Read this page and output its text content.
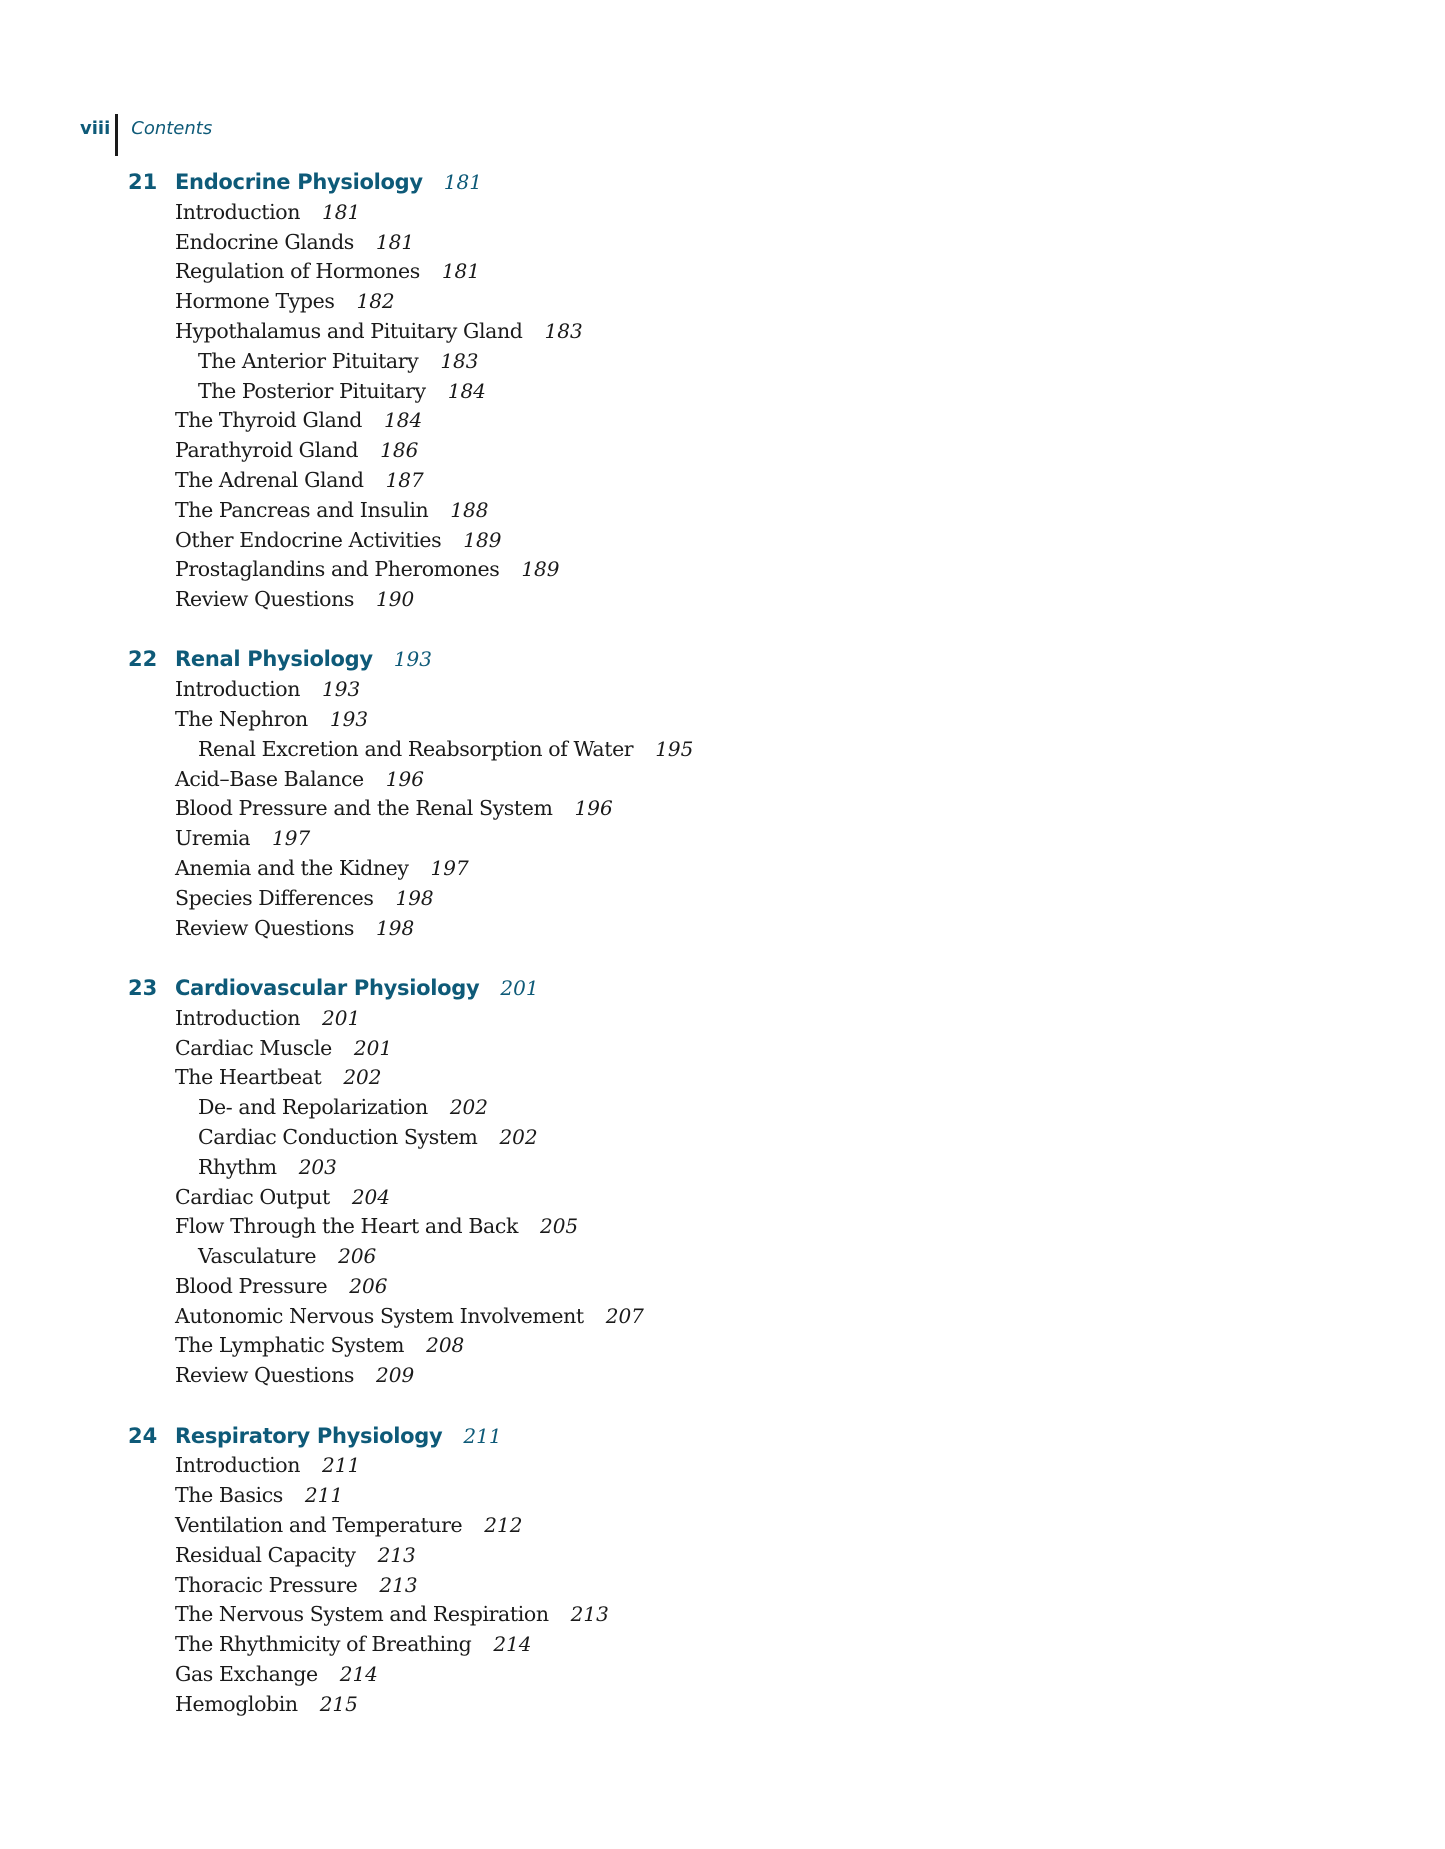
viii Contents
21 Endocrine Physiology 181
Introduction 181
Endocrine Glands 181
Regulation of Hormones 181
Hormone Types 182
Hypothalamus and Pituitary Gland 183
The Anterior Pituitary 183
The Posterior Pituitary 184
The Thyroid Gland 184
Parathyroid Gland 186
The Adrenal Gland 187
The Pancreas and Insulin 188
Other Endocrine Activities 189
Prostaglandins and Pheromones 189
Review Questions 190
22 Renal Physiology 193
Introduction 193
The Nephron 193
Renal Excretion and Reabsorption of Water 195
Acid–Base Balance 196
Blood Pressure and the Renal System 196
Uremia 197
Anemia and the Kidney 197
Species Differences 198
Review Questions 198
23 Cardiovascular Physiology 201
Introduction 201
Cardiac Muscle 201
The Heartbeat 202
De- and Repolarization 202
Cardiac Conduction System 202
Rhythm 203
Cardiac Output 204
Flow Through the Heart and Back 205
Vasculature 206
Blood Pressure 206
Autonomic Nervous System Involvement 207
The Lymphatic System 208
Review Questions 209
24 Respiratory Physiology 211
Introduction 211
The Basics 211
Ventilation and Temperature 212
Residual Capacity 213
Thoracic Pressure 213
The Nervous System and Respiration 213
The Rhythmicity of Breathing 214
Gas Exchange 214
Hemoglobin 215
